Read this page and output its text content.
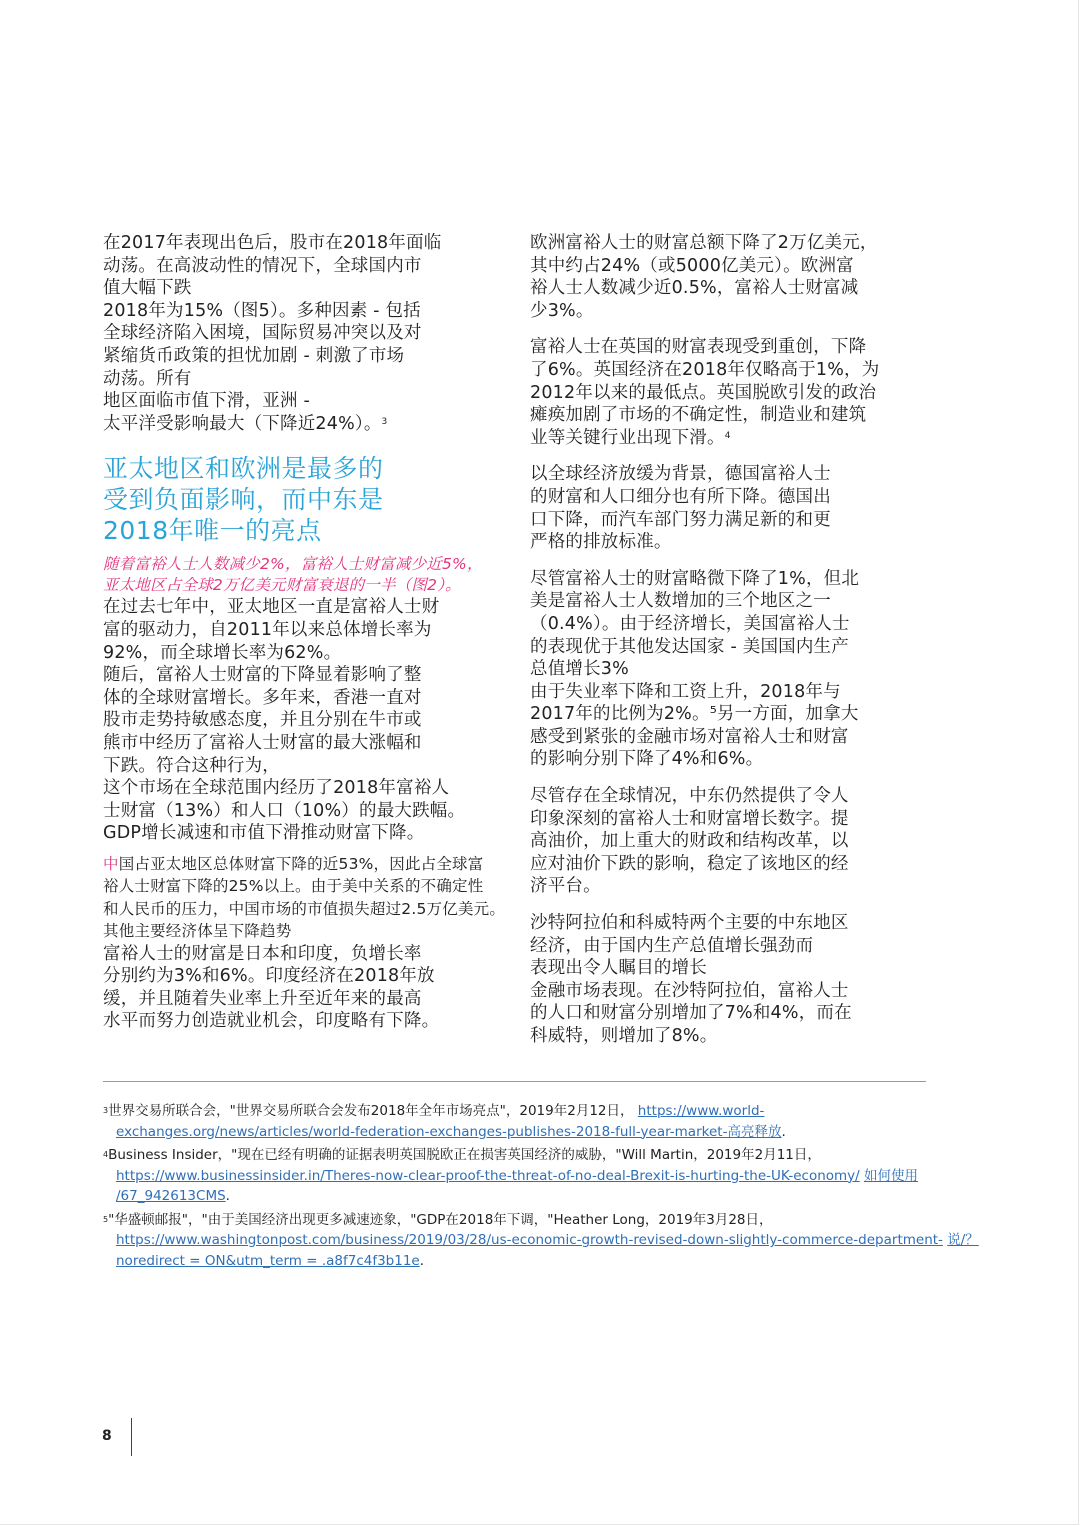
在2017年表现出色后，股市在2018年面临
动荡。在高波动性的情况下，全球国内市
值大幅下跌
2018年为15%（图5）。多种因素 - 包括
全球经济陷入困境，国际贸易冲突以及对
紧缩货币政策的担忧加剧 - 刺激了市场
动荡。所有
地区面临市值下滑，亚洲 -
太平洋受影响最大（下降近24%）。$^3$
亚太地区和欧洲是最多的
受到负面影响，而中东是
2018年唯一的亮点
随着富裕人士人数减少2%，富裕人士财富减少近5%，
亚太地区占全球2万亿美元财富衰退的一半（图2）。
在过去七年中，亚太地区一直是富裕人士财
富的驱动力，自2011年以来总体增长率为
92%，而全球增长率为62%。
随后，富裕人士财富的下降显着影响了整
体的全球财富增长。多年来，香港一直对
股市走势持敏感态度，并且分别在牛市或
熊市中经历了富裕人士财富的最大涨幅和
下跌。符合这种行为，
这个市场在全球范围内经历了2018年富裕人
士财富（13%）和人口（10%）的最大跌幅。
GDP增长减速和市值下滑推动财富下降。
中国占亚太地区总体财富下降的近53%，因此占全球富
裕人士财富下降的25%以上。由于美中关系的不确定性
和人民币的压力，中国市场的市值损失超过2.5万亿美元。
其他主要经济体呈下降趋势
富裕人士的财富是日本和印度，负增长率
分别约为3%和6%。印度经济在2018年放
缓，并且随着失业率上升至近年来的最高
水平而努力创造就业机会，印度略有下降。
欧洲富裕人士的财富总额下降了2万亿美元，
其中约占24%（或5000亿美元）。欧洲富
裕人士人数减少近0.5%，富裕人士财富减
少3%。
富裕人士在英国的财富表现受到重创，下降
了6%。英国经济在2018年仅略高于1%，为
2012年以来的最低点。英国脱欧引发的政治
瘫痪加剧了市场的不确定性，制造业和建筑
业等关键行业出现下滑。$^4$
以全球经济放缓为背景，德国富裕人士
的财富和人口细分也有所下降。德国出
口下降，而汽车部门努力满足新的和更
严格的排放标准。
尽管富裕人士的财富略微下降了1%，但北
美是富裕人士人数增加的三个地区之一
（0.4%）。由于经济增长，美国富裕人士
的表现优于其他发达国家 - 美国国内生产
总值增长3%
由于失业率下降和工资上升，2018年与
2017年的比例为2%。⁵另一方面，加拿大
感受到紧张的金融市场对富裕人士和财富
的影响分别下降了4%和6%。
尽管存在全球情况，中东仍然提供了令人
印象深刻的富裕人士和财富增长数字。提
高油价，加上重大的财政和结构改革，以
应对油价下跌的影响，稳定了该地区的经
济平台。
沙特阿拉伯和科威特两个主要的中东地区
经济，由于国内生产总值增长强劲而
表现出令人瞩目的增长
金融市场表现。在沙特阿拉伯，富裕人士
的人口和财富分别增加了7%和4%，而在
科威特，则增加了8%。
$^3$世界交易所联合会，"世界交易所联合会发布2018年全年市场亮点"，2019年2月12日， https://www.world-
exchanges.org/news/articles/world-federation-exchanges-publishes-2018-full-year-market-高亮释放.
$^4$Business Insider，"现在已经有明确的证据表明英国脱欧正在损害英国经济的威胁，"Will Martin，2019年2月11日，
https://www.businessinsider.in/Theres-now-clear-proof-the-threat-of-no-deal-Brexit-is-hurting-the-UK-economy/ 如何使用
/67_942613CMS.
$^5$"华盛顿邮报"，"由于美国经济出现更多减速迹象，"GDP在2018年下调，"Heather Long，2019年3月28日，
https://www.washingtonpost.com/business/2019/03/28/us-economic-growth-revised-down-slightly-commerce-department- 说/？
noredirect = ON&utm_term = .a8f7c4f3b11e.
8
